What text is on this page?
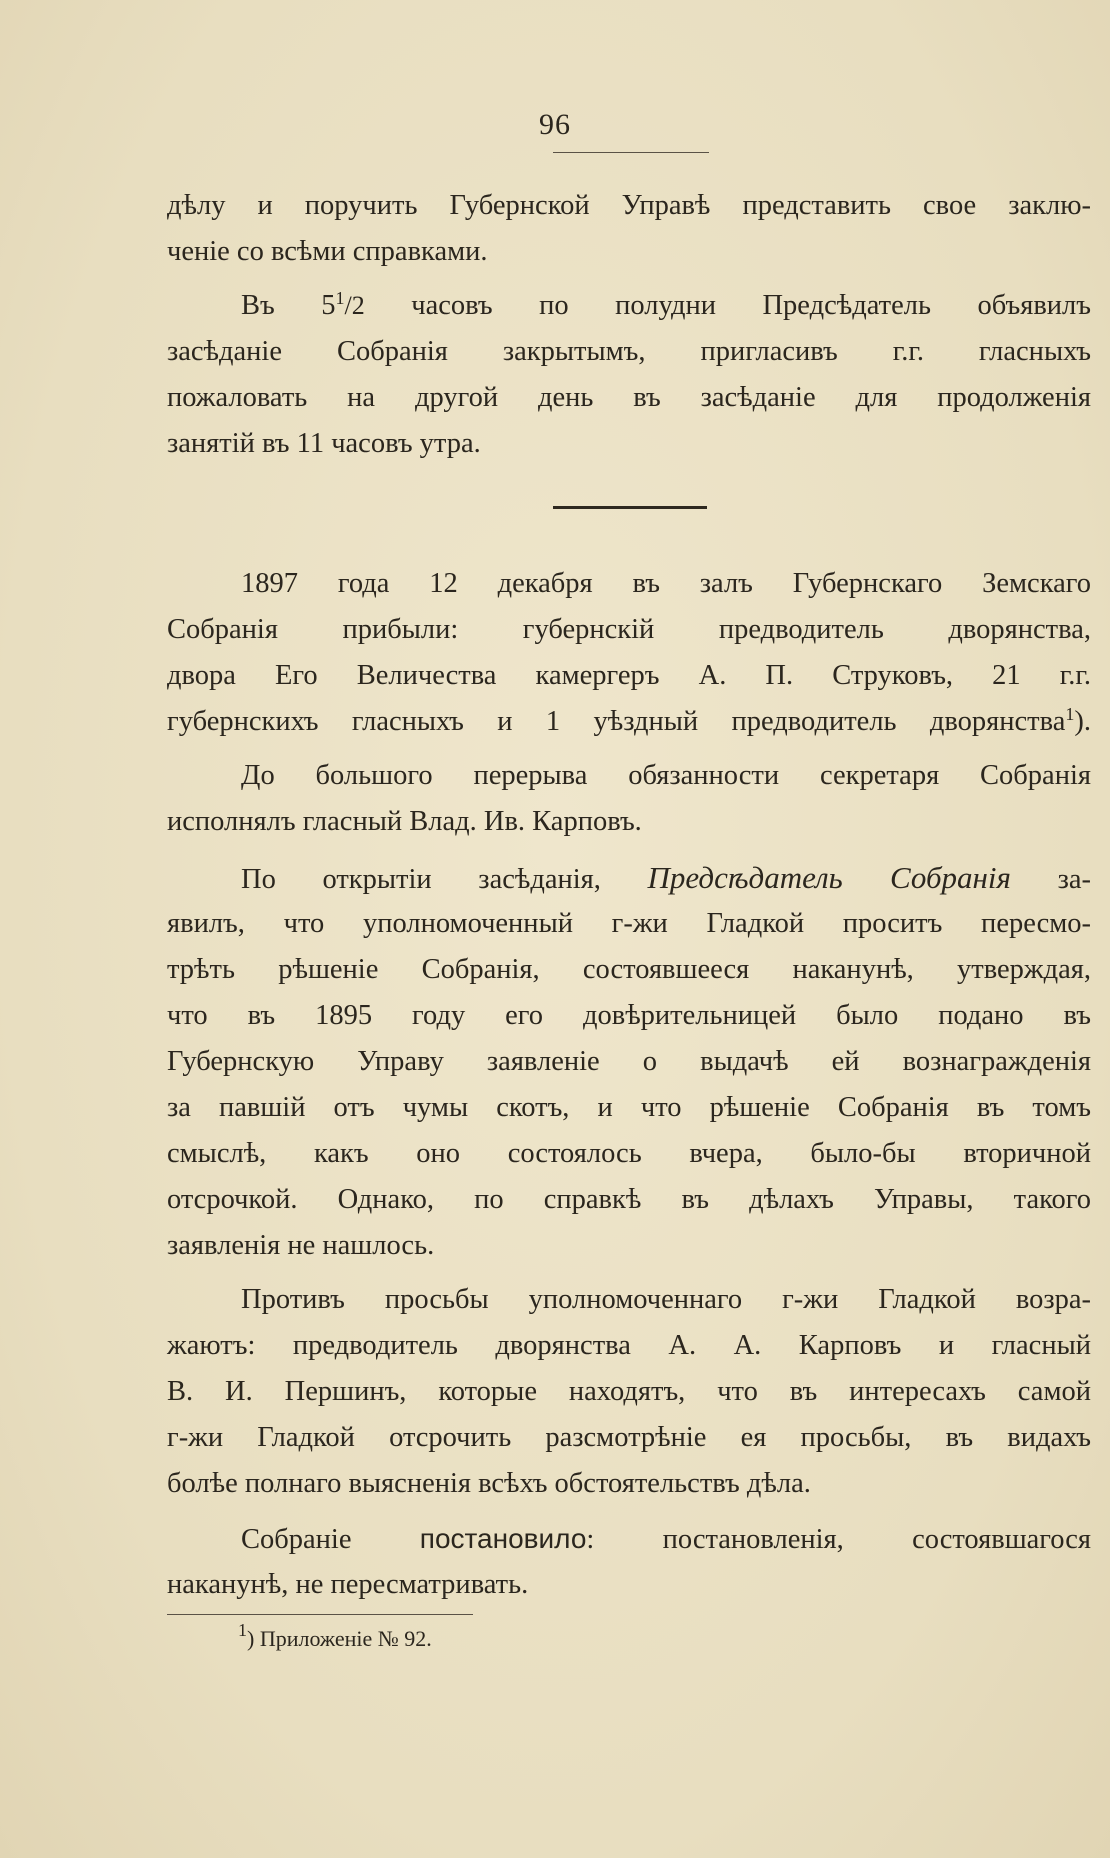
96
дѣлу и поручить Губернской Управѣ представить свое заклю-
ченіе со всѣми справками.
Въ $5^1/2$ часовъ по полудни Предсѣдатель объявилъ
засѣданіе Собранія закрытымъ, пригласивъ г.г. гласныхъ
пожаловать на другой день въ засѣданіе для продолженія
занятій въ 11 часовъ утра.
1897 года 12 декабря въ залъ Губернскаго Земскаго
Собранія прибыли: губернскій предводитель дворянства,
двора Его Величества камергеръ А. П. Струковъ, 21 г.г.
губернскихъ гласныхъ и 1 уѣздный предводитель дворянства$^1$).
До большого перерыва обязанности секретаря Собранія
исполнялъ гласный Влад. Ив. Карповъ.
По открытіи засѣданія, Предсѣдатель Собранія за-
явилъ, что уполномоченный г-жи Гладкой проситъ пересмо-
трѣть рѣшеніе Собранія, состоявшееся наканунѣ, утверждая,
что въ 1895 году его довѣрительницей было подано въ
Губернскую Управу заявленіе о выдачѣ ей вознагражденія
за павшій отъ чумы скотъ, и что рѣшеніе Собранія въ томъ
смыслѣ, какъ оно состоялось вчера, было-бы вторичной
отсрочкой. Однако, по справкѣ въ дѣлахъ Управы, такого
заявленія не нашлось.
Противъ просьбы уполномоченнаго г-жи Гладкой возра-
жаютъ: предводитель дворянства А. А. Карповъ и гласный
В. И. Першинъ, которые находятъ, что въ интересахъ самой
г-жи Гладкой отсрочить разсмотрѣніе ея просьбы, въ видахъ
болѣе полнаго выясненія всѣхъ обстоятельствъ дѣла.
Собраніе постановило: постановленія, состоявшагося
наканунѣ, не пересматривать.
$^1$) Приложеніе № 92.
